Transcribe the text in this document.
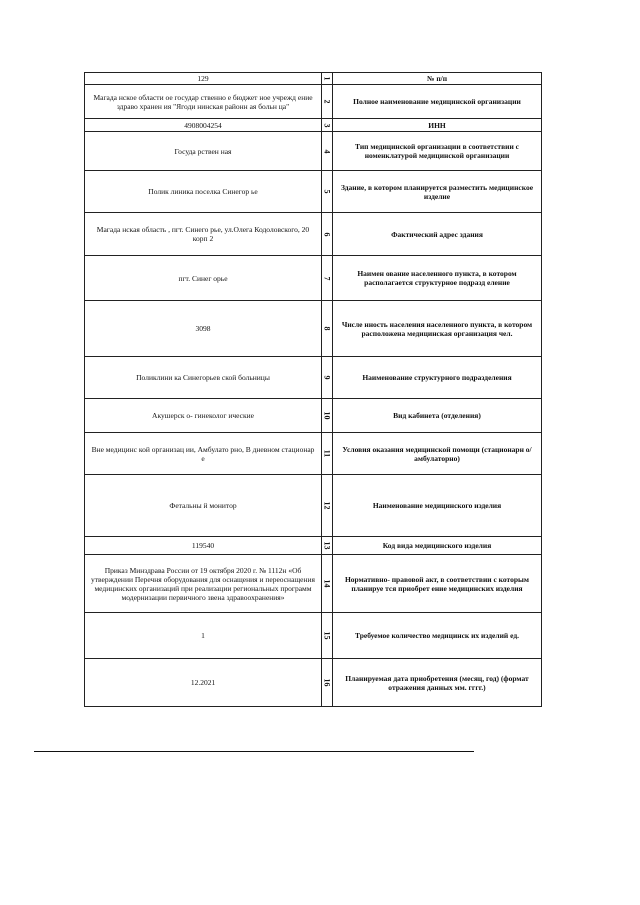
129	1	№ п/п
Магада нское области ое государ ственно е бюджет ное учрежд ение здраво хранен ия "Ягоди нинская районн ая больн ца"	2	Полное наименование медицинской организации
4908004254	3	ИНН
Госуда рствен ная	4	Тип медицинской организации в соответствии с номенклатурой медицинской организации
Полик линика поселка Синегор ье	5	Здание, в котором планируется разместить медицинское изделие
Магада нская область , пгт. Синего рье, ул.Олега Кодоловского, 20 корп 2	6	Фактический адрес здания
пгт. Синег орье	7	Наимен ование населенного пункта, в котором располагается структурное подразд еление
3098	8	Числе нность населения населенного пункта, в котором расположена медицинская организация чел.
Поликлини ка Синегорьев ской больницы	9	Наименование структурного подразделения
Акушерск о- гинеколог ические	10	Вид кабинета (отделения)
Вне медицинс кой организац ии, Амбулато рно, В дневном стационар е	11	Условия оказания медицинской помощи (стационарн о/амбулаторно)
Фетальны й монитор	12	Наименование медицинского изделия
119540	13	Код вида медицинского изделия
Приказ Минздрава России от 19 октября 2020 г. № 1112н «Об утверждении Перечня оборудования для оснащения и переоснащения медицинских организаций при реализации региональных программ модернизации первичного звена здравоохранения»	14	Нормативно- правовой акт, в соответствии с которым планируе тся приобрет ение медицинских изделия
1	15	Требуемое количество медицинск их изделий ед.
12.2021	16	Планируемая дата приобретения (месяц, год) (формат отражения данных мм. гггг.)
